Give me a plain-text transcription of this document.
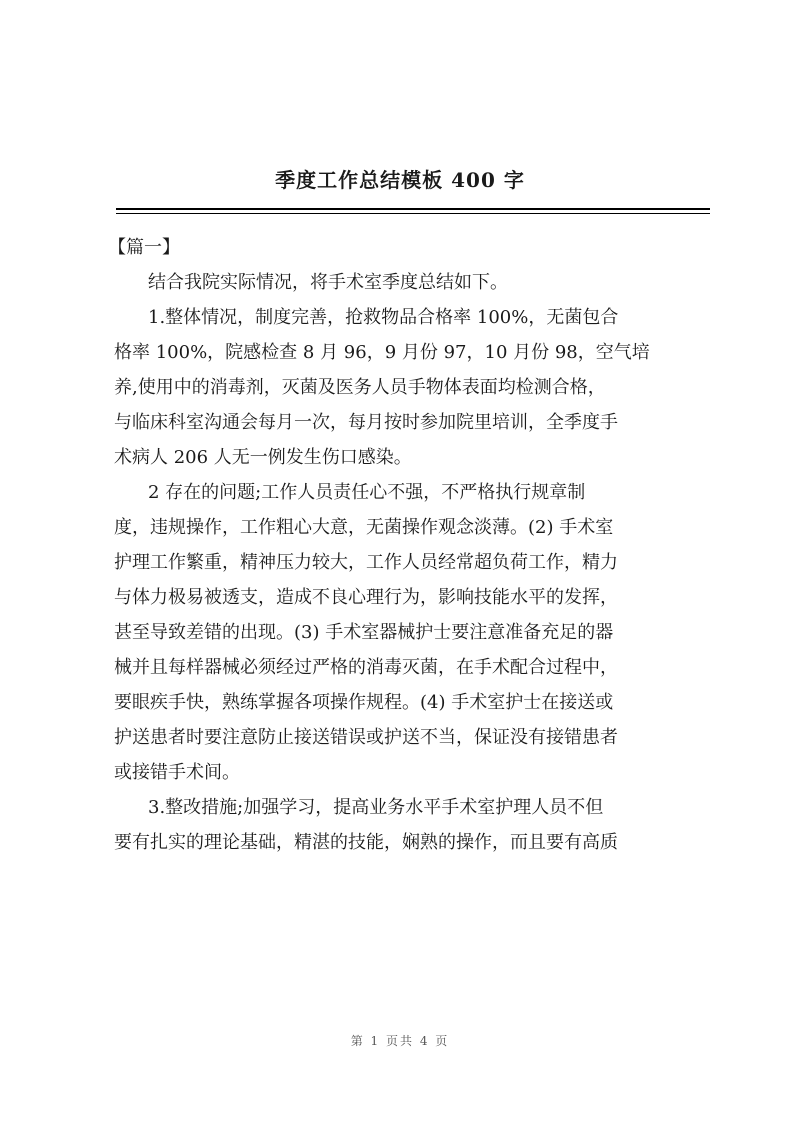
季度工作总结模板 400 字
【篇一】
结合我院实际情况，将手术室季度总结如下。
1.整体情况，制度完善，抢救物品合格率 100%，无菌包合
格率 100%，院感检查 8 月 96，9 月份 97，10 月份 98，空气培
养,使用中的消毒剂，灭菌及医务人员手物体表面均检测合格，
与临床科室沟通会每月一次，每月按时参加院里培训，全季度手
术病人 206 人无一例发生伤口感染。
2 存在的问题;工作人员责任心不强，不严格执行规章制
度，违规操作，工作粗心大意，无菌操作观念淡薄。(2) 手术室
护理工作繁重，精神压力较大，工作人员经常超负荷工作，精力
与体力极易被透支，造成不良心理行为，影响技能水平的发挥，
甚至导致差错的出现。(3) 手术室器械护士要注意准备充足的器
械并且每样器械必须经过严格的消毒灭菌，在手术配合过程中，
要眼疾手快，熟练掌握各项操作规程。(4) 手术室护士在接送或
护送患者时要注意防止接送错误或护送不当，保证没有接错患者
或接错手术间。
3.整改措施;加强学习，提高业务水平手术室护理人员不但
要有扎实的理论基础，精湛的技能，娴熟的操作，而且要有高质
第 1 页共 4 页
